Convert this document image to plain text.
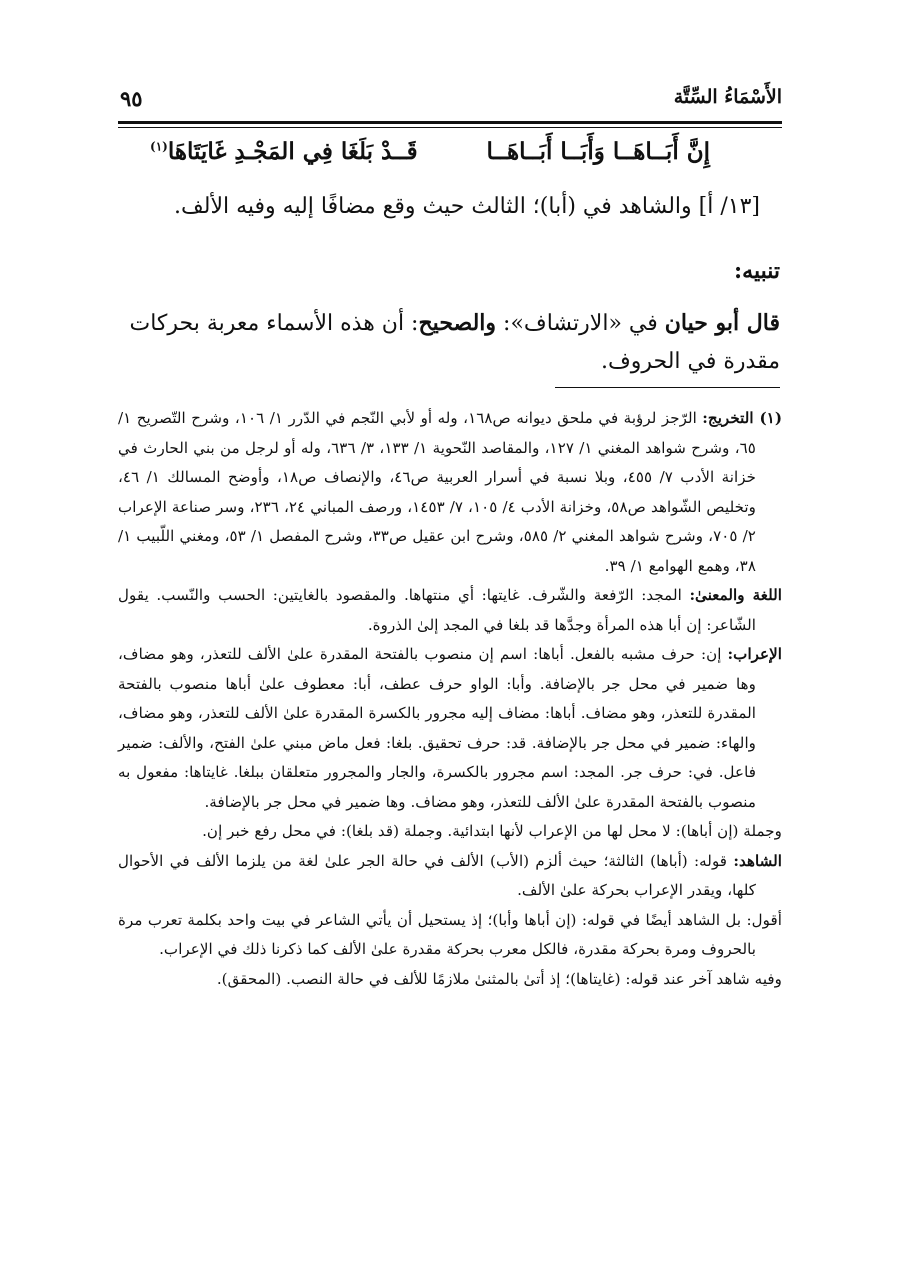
الأَسْمَاءُ السِّتَّة
٩٥
إِنَّ أَبَــاهَــا وَأَبَــا أَبَــاهَــا
قَــدْ بَلَغَا فِي المَجْـدِ غَايَتَاهَا$^{(١)}$
[١٣/ أ] والشاهد في (أبا)؛ الثالث حيث وقع مضافًا إليه وفيه الألف.
تنبيه:
قال أبو حيان في «الارتشاف»: والصحيح: أن هذه الأسماء معربة بحركات مقدرة في الحروف.

(١) التخريج: الرّجز لرؤبة في ملحق ديوانه ص١٦٨، وله أو لأبي النّجم في الدّرر ١/ ١٠٦، وشرح التّصريح ١/ ٦٥، وشرح شواهد المغني ١/ ١٢٧، والمقاصد النّحوية ١/ ١٣٣، ٣/ ٦٣٦، وله أو لرجل من بني الحارث في خزانة الأدب ٧/ ٤٥٥، وبلا نسبة في أسرار العربية ص٤٦، والإنصاف ص١٨، وأوضح المسالك ١/ ٤٦، وتخليص الشّواهد ص٥٨، وخزانة الأدب ٤/ ١٠٥، ٧/ ١٤٥٣، ورصف المباني ٢٤، ٢٣٦، وسر صناعة الإعراب ٢/ ٧٠٥، وشرح شواهد المغني ٢/ ٥٨٥، وشرح ابن عقيل ص٣٣، وشرح المفصل ١/ ٥٣، ومغني اللّبيب ١/ ٣٨، وهمع الهوامع ١/ ٣٩.

اللغة والمعنىٰ: المجد: الرّفعة والشّرف. غايتها: أي منتهاها. والمقصود بالغايتين: الحسب والنّسب. يقول الشّاعر: إن أبا هذه المرأة وجدَّها قد بلغا في المجد إلىٰ الذروة.

الإعراب: إن: حرف مشبه بالفعل. أباها: اسم إن منصوب بالفتحة المقدرة علىٰ الألف للتعذر، وهو مضاف، وها ضمير في محل جر بالإضافة. وأبا: الواو حرف عطف، أبا: معطوف علىٰ أباها منصوب بالفتحة المقدرة للتعذر، وهو مضاف. أباها: مضاف إليه مجرور بالكسرة المقدرة علىٰ الألف للتعذر، وهو مضاف، والهاء: ضمير في محل جر بالإضافة. قد: حرف تحقيق. بلغا: فعل ماض مبني علىٰ الفتح، والألف: ضمير فاعل. في: حرف جر. المجد: اسم مجرور بالكسرة، والجار والمجرور متعلقان ببلغا. غايتاها: مفعول به منصوب بالفتحة المقدرة علىٰ الألف للتعذر، وهو مضاف. وها ضمير في محل جر بالإضافة.

وجملة (إن أباها): لا محل لها من الإعراب لأنها ابتدائية. وجملة (قد بلغا): في محل رفع خبر إن.

الشاهد: قوله: (أباها) الثالثة؛ حيث ألزم (الأب) الألف في حالة الجر علىٰ لغة من يلزما الألف في الأحوال كلها، ويقدر الإعراب بحركة علىٰ الألف.

أقول: بل الشاهد أيضًا في قوله: (إن أباها وأبا)؛ إذ يستحيل أن يأتي الشاعر في بيت واحد بكلمة تعرب مرة بالحروف ومرة بحركة مقدرة، فالكل معرب بحركة مقدرة علىٰ الألف كما ذكرنا ذلك في الإعراب.

وفيه شاهد آخر عند قوله: (غايتاها)؛ إذ أتىٰ بالمثنىٰ ملازمًا للألف في حالة النصب. (المحقق).
